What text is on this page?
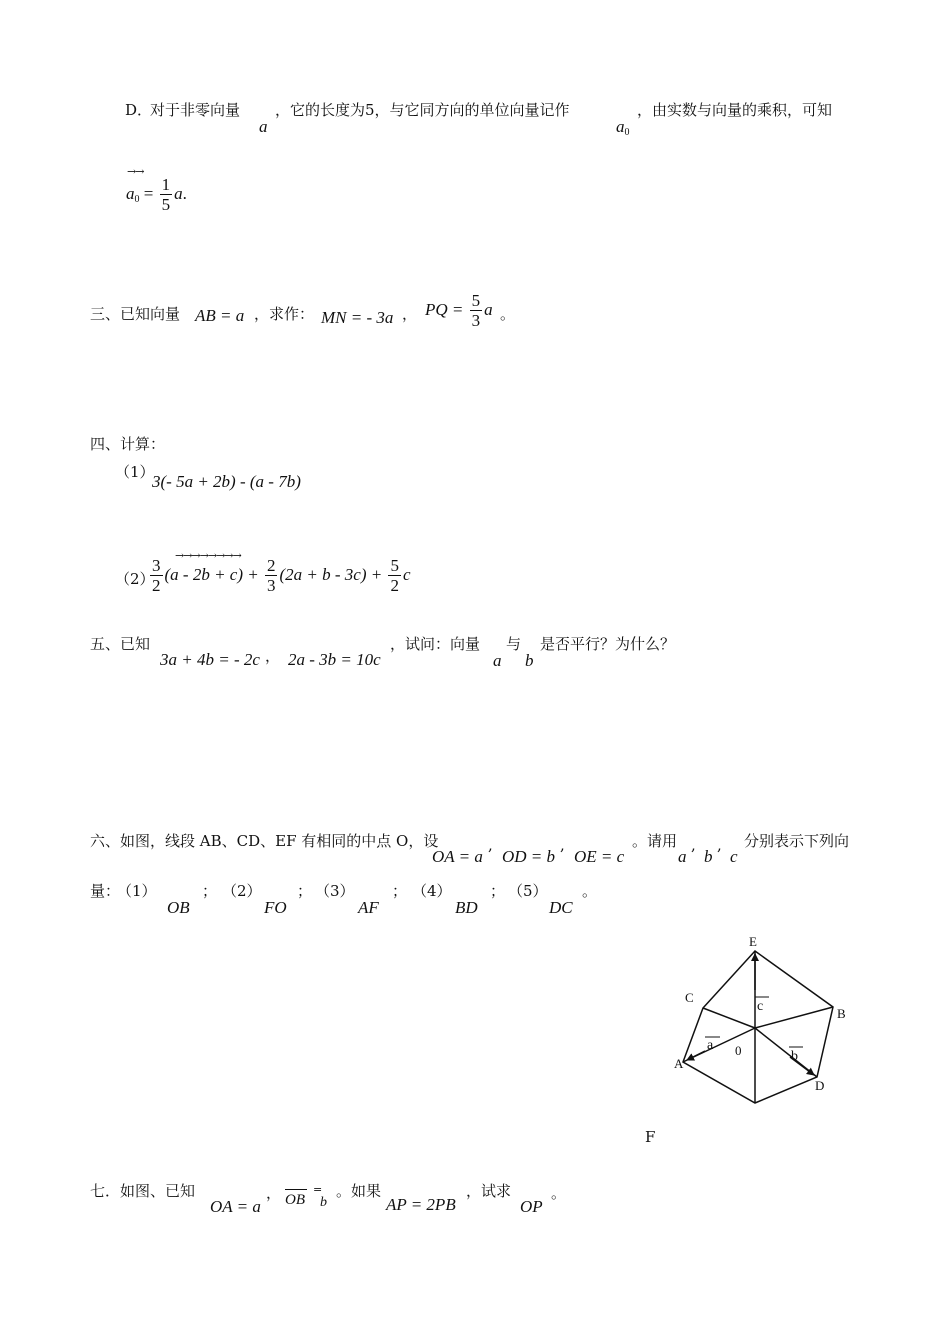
D．
对于非零向量
a
，它的长度为5，与它同方向的单位向量记作
$a_0$
，由实数与向量的乘积，可知
→→
$a_0 = \frac{1}{5} a$.
三、已知向量 AB = a ，求作： MN = - 3a ， PQ = $\frac{5}{3}$ a 。
四、计算：
（1）
3(- 5a + 2b) - (a - 7b)
→→→→→→→→
（2）
$\frac{3}{2} (a - 2b + c) + \frac{2}{3} (2a + b - 3c) + \frac{5}{2}$ c
五、已知
3a + 4b = - 2c ， 2a - 3b = 10c
，试问：向量
a
与
b
是否平行？为什么？
六、如图，线段 AB、CD、EF 有相同的中点 O，设
OA = a
,
OD = b
,
OE = c
。请用
a
,
b
,
c
分别表示下列向
量：
（1）
OB
； （2）
FO
； （3）
AF
； （4）
BD
； （5）
DC
。
E
C
B
A
0
D
c
a
b
F
七．如图、已知
OA = a
， OB
=
b
。如果
AP = 2PB
，试求
OP
。
